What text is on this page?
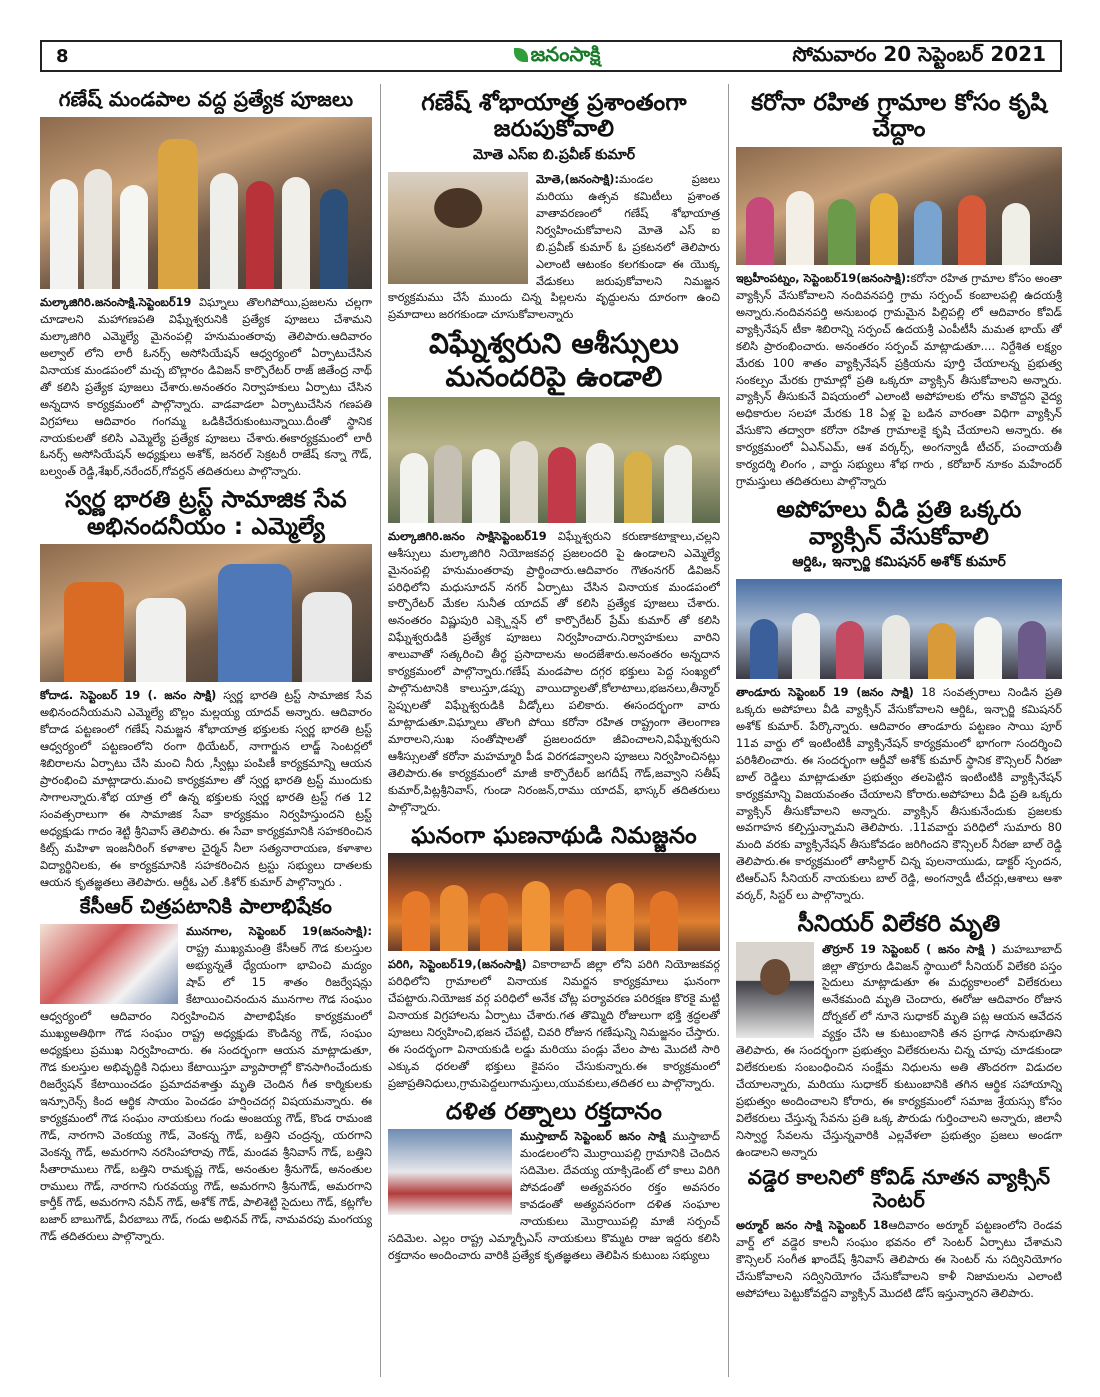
8	జనంసాక్షి	సోమవారం 20 సెప్టెంబర్ 2021
గణేష్ మండపాల వద్ద ప్రత్యేక పూజలు

మల్కాజిగిరి.జనంసాక్షి.సెప్టెంబర్19 విఘ్నాలు తొలగిపోయి,ప్రజలను చల్లగా చూడాలని మహాగణపతి విఘ్నేశ్వరునికి ప్రత్యేక పూజలు చేశామని మల్కాజిగిరి ఎమ్మెల్యే మైనంపల్లి హనుమంతరావు తెలిపారు.ఆదివారం అల్వాల్ లోని లారీ ఓనర్స్ అసోసియేషన్ ఆధ్వర్యంలో ఏర్పాటుచేసిన వినాయక మండపంలో మచ్చ బొల్లారం డివిజన్ కార్పొరేటర్ రాజ్ జితేంద్ర నాథ్ తో కలిసి ప్రత్యేక పూజలు చేశారు.అనంతరం నిర్వాహకులు ఏర్పాటు చేసిన అన్నదాన కార్యక్రమంలో పాల్గొన్నారు. వాడవాడలా ఏర్పాటుచేసిన గణపతి విగ్రహాలు ఆదివారం గంగమ్మ ఒడికిచేరుకుంటున్నాయి.దీంతో స్థానిక నాయకులతో కలిసి ఎమ్మెల్యే ప్రత్యేక పూజలు చేశారు.ఈకార్యక్రమంలో లారీ ఓనర్స్ అసోసియేషన్ అధ్యక్షులు అశోక్, జనరల్ సెక్రటరీ రాజేష్ కన్నా గౌడ్, బల్వంత్ రెడ్డి,శేఖర్,నరేందర్,గోవర్దన్ తదితరులు పాల్గొన్నారు.

స్వర్ణ భారతి ట్రస్ట్ సామాజిక సేవ అభినందనీయం : ఎమ్మెల్యే

కోదాడ. సెప్టెంబర్ 19 (. జనం సాక్షి) స్వర్ణ భారతి ట్రస్ట్ సామాజిక సేవ అభినందనీయమని ఎమ్మెల్యే బొల్లం మల్లయ్య యాదవ్ అన్నారు. ఆదివారం కోదాడ పట్టణంలో గణేష్ నిమజ్జన శోభాయాత్ర భక్తులకు స్వర్ణ భారతి ట్రస్ట్ ఆధ్వర్యంలో పట్టణంలోని రంగా థియేటర్, నాగార్జున లాడ్జ్ సెంటర్లలో శిబిరాలను ఏర్పాటు చేసి మంచి నీరు ,స్వీట్లు పంపిణీ కార్యక్రమాన్ని ఆయన ప్రారంభించి మాట్లాడారు.మంచి కార్యక్రమాల తో స్వర్ణ భారతి ట్రస్ట్ ముందుకు సాగాలన్నారు.శోభ యాత్ర లో ఉన్న భక్తులకు స్వర్ణ భారతి ట్రస్ట్ గత 12 సంవత్సరాలుగా ఈ సామాజిక సేవా కార్యక్రమం నిర్వహిస్తుందని ట్రస్ట్ అధ్యక్షుడు గాదం శెట్టి శ్రీనివాస్ తెలిపారు. ఈ సేవా కార్యక్రమానికి సహకరించిన కిట్స్ మహిళా ఇంజనీరింగ్ కళాశాల చైర్మన్ నీలా సత్యనారాయణ, కళాశాల విద్యార్థినిలకు, ఈ కార్యక్రమానికి సహకరించిన ట్రస్టు సభ్యులు దాతలకు ఆయన కృతజ్ఞతలు తెలిపారు. ఆర్డీఓ ఎల్ .కిశోర్ కుమార్ పాల్గొన్నారు .

కేసీఆర్ చిత్రపటానికి పాలాభిషేకం

మునగాల, సెప్టెంబర్ 19(జనంసాక్షి): రాష్ట్ర ముఖ్యమంత్రి కేసీఆర్ గౌడ కులస్తుల అభ్యున్నతే ధ్యేయంగా భావించి మద్యం షాప్ లో 15 శాతం రిజర్వేషన్లు కేటాయించినందున మునగాల గౌడ సంఘం ఆధ్వర్యంలో ఆదివారం నిర్వహించిన పాలాభిషేకం కార్యక్రమంలో ముఖ్యఅతిథిగా గౌడ సంఘం రాష్ట్ర అధ్యక్షుడు కౌండిన్య గౌడ్, సంఘం అధ్యక్షులు ప్రముఖ నిర్వహించారు. ఈ సందర్భంగా ఆయన మాట్లాడుతూ, గౌడ కులస్తుల అభివృద్ధికి నిధులు కేటాయిస్తూ వ్యాపారాల్లో కొనసాగించేందుకు రిజర్వేషన్ కేటాయించడం ప్రమాదవశాత్తు మృతి చెందిన గీత కార్మికులకు ఇన్సూరెన్స్ కింద ఆర్థిక సాయం పెంచడం హర్షించదగ్గ విషయమన్నారు. ఈ కార్యక్రమంలో గౌడ సంఘం నాయకులు గండు అంజయ్య గౌడ్, కొండ రామంజి గౌడ్, నారగాని వెంకయ్య గౌడ్, వెంకన్న గౌడ్, బత్తిని చంద్రన్న, యరగాని వెంకన్న గౌడ్, అమరగాని నరసింహారావు గౌడ్, మండవ శ్రీనివాస్ గౌడ్, బత్తిని సీతారాములు గౌడ్, బత్తిని రామకృష్ణ గౌడ్, అనంతుల శ్రీనుగౌడ్, అనంతుల రాములు గౌడ్, నారగాని గురవయ్య గౌడ్, అమరగాని శ్రీనుగౌడ్, అమరగాని కార్తీక్ గౌడ్, అమరగాని నవీన్ గౌడ్, అశోక్ గౌడ్, పాలిశెట్టి సైదులు గౌడ్, కట్లగోల బజార్ బాబుగౌడ్, వీరబాబు గౌడ్, గండు అభినవ్ గౌడ్, నామవరపు మంగయ్య గౌడ్ తదితరులు పాల్గొన్నారు.

గణేష్ శోభాయాత్ర ప్రశాంతంగా జరుపుకోవాలి
మోతె ఎస్ఐ బి.ప్రవీణ్ కుమార్

మోతె,(జనంసాక్షి):మండల ప్రజలు మరియు ఉత్సవ కమిటీలు ప్రశాంత వాతావరణంలో గణేష్ శోభాయాత్ర నిర్వహించుకోవాలని మోతె ఎస్ ఐ బి.ప్రవీణ్ కుమార్ ఓ ప్రకటనలో తెలిపారు ఎలాంటి ఆటంకం కలగకుండా ఈ యొక్క వేడుకలు జరుపుకోవాలని నిమజ్జన కార్యక్రమము చేసే ముందు చిన్న పిల్లలను వృద్ధులను దూరంగా ఉంచి ప్రమాదాలు జరగకుండా చూసుకోవాలన్నారు

విఘ్నేశ్వరుని ఆశీస్సులు మనందరిపై ఉండాలి

మల్కాజిగిరి.జనం సాక్షిసెప్టెంబర్19 విఘ్నేశ్వరుని కరుణాకటాక్షాలు,చల్లని ఆశీస్సులు మల్కాజిగిరి నియోజకవర్గ ప్రజలందరి పై ఉండాలని ఎమ్మెల్యే మైనంపల్లి హనుమంతరావు ప్రార్థించారు.ఆదివారం గౌతంనగర్ డివిజన్ పరిధిలోని మధుసూదన్ నగర్ ఏర్పాటు చేసిన వినాయక మండపంలో కార్పొరేటర్ మేకల సునీత యాదవ్ తో కలిసి ప్రత్యేక పూజలు చేశారు. అనంతరం విష్ణుపురి ఎక్స్టెన్షన్ లో కార్పొరేటర్ ప్రేమ్ కుమార్ తో కలిసి విఘ్నేశ్వరుడికి ప్రత్యేక పూజలు నిర్వహించారు.నిర్వాహకులు వారిని శాలువాతో సత్కరించి తీర్థ ప్రసాదాలను అందజేశారు.అనంతరం అన్నదాన కార్యక్రమంలో పాల్గొన్నారు.గణేష్ మండపాల దగ్గర భక్తులు పెద్ద సంఖ్యలో పాల్గొనుటానికి కాలుస్తూ,డప్పు వాయిద్యాలతో,కోలాటాలు,భజనలు,తీన్మార్ స్టెప్పులతో విఘ్నేశ్వరుడికి వీడ్కోలు పలికారు. ఈసందర్భంగా వారు మాట్లాడుతూ.విఘ్నాలు తొలగి పోయి కరోనా రహిత రాష్ట్రంగా తెలంగాణ మారాలని,సుఖ సంతోషాలతో ప్రజలందరూ జీవించాలని,విఘ్నేశ్వరుని ఆశీస్సులతో కరోనా మహమ్మారి పీడ విరగడవ్వాలని పూజలు నిర్వహించినట్లు తెలిపారు.ఈ కార్యక్రమంలో మాజీ కార్పొరేటర్ జగదీష్ గౌడ్,జవ్వాని సతీష్ కుమార్,పిట్లశ్రీనివాస్, గుండా నిరంజన్,రాము యాదవ్, భాస్కర్ తదితరులు పాల్గొన్నారు.

ఘనంగా ఘణనాథుడి నిమజ్జనం

పరిగి, సెప్టెంబర్19,(జనంసాక్షి) వికారాబాద్ జిల్లా లోని పరిగి నియోజకవర్గ పరిధిలోని గ్రామాలలో వినాయక నిమర్జన కార్యక్రమాలు ఘనంగా చేపట్టారు.నియోజక వర్గ పరిధిలో అనేక చోట్ల పర్యావరణ పరిరక్షణ కొరకై మట్టి వినాయక విగ్రహాలను ఏర్పాటు చేశారు.గత తొమ్మిది రోజులుగా భక్తి శ్రద్ధలతో పూజలు నిర్వహించి,భజన చేపట్టి, చివరి రోజున గణేషున్ని నిమజ్జనం చేస్తారు. ఈ సందర్భంగా వినాయకుడి లడ్డు మరియు పండ్లు వేలం పాట మొదటి సారి ఎక్కువ ధరలతో భక్తులు కైవసం చేసుకున్నారు.ఈ కార్యక్రమంలో ప్రజాప్రతినిధులు,గ్రామపెద్దలుగామస్తులు,యువకులు,తదితర లు పాల్గొన్నారు.

దళిత రత్నాలు రక్తదానం

ముస్తాబాద్ సెప్టెంబర్ జనం సాక్షి ముస్తాబాద్ మండలంలోని మొర్రాయిపల్లి గ్రామానికి చెందిన సదిమెల. దేవయ్య యాక్సిడెంట్ లో కాలు విరిగి పోవడంతో అత్యవసరం రక్తం అవసరం కావడంతో అత్యవసరంగా దళిత సంఘాల నాయకులు మొర్రాయిపల్లి మాజీ సర్పంచ్ సదిమెల. ఎల్లం రాష్ట్ర ఎమ్మార్పీఎస్ నాయకులు కొమ్మట రాజు ఇద్దరు కలిసి రక్తదానం అందించారు వారికి ప్రత్యేక కృతజ్ఞతలు తెలిపిన కుటుంబ సభ్యులు

కరోనా రహిత గ్రామాల కోసం కృషి చేద్దాం

ఇబ్రహీంపట్నం, సెప్టెంబర్19(జనంసాక్షి):కరోనా రహిత గ్రామాల కోసం అంతా వ్యాక్సిన్ వేసుకోవాలని నందివనపర్తి గ్రామ సర్పంచ్ కంబాలపల్లి ఉదయశ్రీ అన్నారు.నందివనపర్తి అనుబంధ గ్రామమైన పిల్లిపల్లి లో ఆదివారం కోవిడ్ వ్యాక్సినేషన్ టీకా శిబిరాన్ని సర్పంచ్ ఉదయశ్రీ ఎంపీటీసీ మమత భాయ్ తో కలిసి ప్రారంభించారు. అనంతరం సర్పంచ్ మాట్లాడుతూ.... నిర్దేశిత లక్ష్యం మేరకు 100 శాతం వ్యాక్సినేషన్ ప్రక్రియను పూర్తి చేయాలన్న ప్రభుత్వ సంకల్పం మేరకు గ్రామాల్లో ప్రతి ఒక్కరూ వ్యాక్సిన్ తీసుకోవాలని అన్నారు. వ్యాక్సిన్ తీసుకునే విషయంలో ఎలాంటి అపోహలకు లోను కావొద్దని వైద్య అధికారుల సలహా మేరకు 18 ఏళ్ల పై బడిన వారంతా విధిగా వ్యాక్సిన్ వేసుకొని తద్వారా కరోనా రహిత గ్రామాలకై కృషి చేయాలని అన్నారు. ఈ కార్యక్రమంలో ఏఎన్ఎమ్, ఆశ వర్కర్స్, అంగన్వాడీ టీచర్, పంచాయతీ కార్యదర్శి లింగం , వార్డు సభ్యులు శోభ గారు , కరోబార్ నూకం మహేందర్ గ్రామస్తులు తదితరులు పాల్గొన్నారు

అపోహలు వీడి ప్రతి ఒక్కరు వ్యాక్సిన్ వేసుకోవాలి
ఆర్డిఓ, ఇన్చార్జి కమిషనర్ అశోక్ కుమార్

తాండూరు సెప్టెంబర్ 19 (జనం సాక్షి) 18 సంవత్సరాలు నిండిన ప్రతి ఒక్కరు అపోహలు వీడి వ్యాక్సిన్ వేసుకోవాలని ఆర్డిఓ, ఇన్చార్జి కమిషనర్ అశోక్ కుమార్. పేర్కొన్నారు. ఆదివారం తాండూరు పట్టణం సాయి పూర్ 11వ వార్డు లో ఇంటింటికీ వ్యాక్సినేషన్ కార్యక్రమంలో భాగంగా సందర్శించి పరిశీలించారు. ఈ సందర్భంగా ఆర్డీవో అశోక్ కుమార్ స్థానిక కౌన్సిలర్ నీరజా బాల్ రెడ్డిలు మాట్లాడుతూ ప్రభుత్వం తలపెట్టిన ఇంటింటికి వ్యాక్సినేషన్ కార్యక్రమాన్ని విజయవంతం చేయాలని కోరారు.అపోహలు వీడి ప్రతి ఒక్కరు వ్యాక్సిన్ తీసుకోవాలని అన్నారు. వ్యాక్సిన్ తీసుకునేందుకు ప్రజలకు అవగాహన కల్పిస్తున్నామని తెలిపారు. .11వవార్డు పరిధిలో సుమారు 80 మంది వరకు వ్యాక్సినేషన్ తీసుకోవడం జరిగిందని కౌన్సిలర్ నీరజా బాల్ రెడ్డి తెలిపారు.ఈ కార్యక్రమంలో తాసిల్దార్ చిన్న పులనాయుడు, డాక్టర్ స్పందన, టిఆర్ఎస్ సీనియర్ నాయకులు బాల్ రెడ్డి, అంగన్వాడీ టీచర్లు,ఆశాలు ఆశా వర్కర్, సిస్టర్ లు పాల్గొన్నారు.

సీనియర్ విలేకరి మృతి

తొర్రూర్ 19 సెప్టెంబర్ ( జనం సాక్షి ) మహబూబాద్ జిల్లా తొర్రూరు డివిజన్ స్థాయిలో సీనియర్ విలేకరి పస్తం సైదులు మాట్లాడుతూ ఈ మధ్యకాలంలో విలేకరులు అనేకమంది మృతి చెందారు, ఈరోజు ఆదివారం రోజున దోర్నకల్ లో నూనె సుధాకర్ మృతి పట్ల ఆయన ఆవేదన వ్యక్తం చేసి ఆ కుటుంబానికి తన ప్రగాఢ సానుభూతిని తెలిపారు, ఈ సందర్భంగా ప్రభుత్వం విలేకరులను చిన్న చూపు చూడకుండా విలేకరులకు సంబంధించిన సంక్షేమ నిధులను అతి తొందరగా విడుదల చేయాలన్నారు, మరియు సుధాకర్ కుటుంబానికి తగిన ఆర్థిక సహాయాన్ని ప్రభుత్వం అందించాలని కోరారు, ఈ కార్యక్రమంలో సమాజ శ్రేయస్సు కోసం విలేకరులు చేస్తున్న సేవను ప్రతి ఒక్క పౌరుడు గుర్తించాలని అన్నారు, జిలానీ నిస్వార్థ సేవలను చేస్తున్నవారికి ఎల్లవేళలా ప్రభుత్వం ప్రజలు అండగా ఉండాలని అన్నారు

వడ్డెర కాలనిలో కోవిడ్ నూతన వ్యాక్సిన్ సెంటర్

అర్మూర్ జనం సాక్షి సెప్టెంబర్ 18ఆదివారం అర్మూర్ పట్టణంలోని రెండవ వార్డ్ లో వడ్డెర కాలనీ సంఘం భవనం లో సెంటర్ ఏర్పాటు చేశామని కౌన్సిలర్ సంగీత ఖాందేష్ శ్రీనివాస్ తెలిపారు ఈ సెంటర్ ను సద్వినియోగం చేసుకోవాలని సద్వినియోగం చేసుకోవాలని కాళీ నిజామలను ఎలాంటి అపోహాలు పెట్టుకోవద్దని వ్యాక్సిన్ మొదటి డోస్ ఇస్తున్నారని తెలిపారు.
